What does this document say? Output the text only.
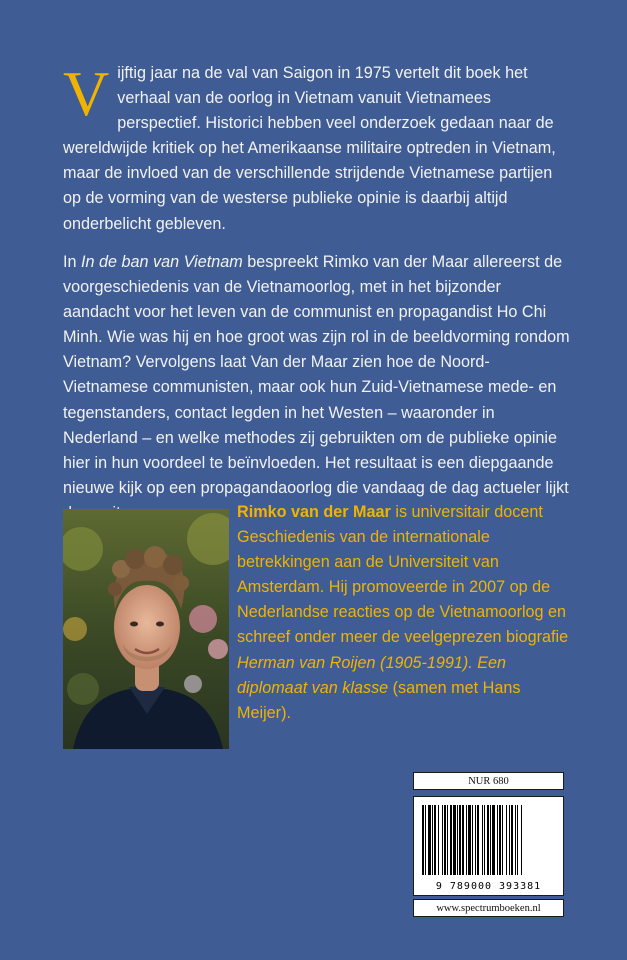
Vijftig jaar na de val van Saigon in 1975 vertelt dit boek het verhaal van de oorlog in Vietnam vanuit Vietnamees perspectief. Historici hebben veel onderzoek gedaan naar de wereldwijde kritiek op het Amerikaanse militaire optreden in Vietnam, maar de invloed van de verschillende strijdende Vietnamese partijen op de vorming van de westerse publieke opinie is daarbij altijd onderbelicht gebleven.

In In de ban van Vietnam bespreekt Rimko van der Maar allereerst de voorgeschiedenis van de Vietnamoorlog, met in het bijzonder aandacht voor het leven van de communist en propagandist Ho Chi Minh. Wie was hij en hoe groot was zijn rol in de beeldvorming rondom Vietnam? Vervolgens laat Van der Maar zien hoe de Noord-Vietnamese communisten, maar ook hun Zuid-Vietnamese mede- en tegenstanders, contact legden in het Westen – waaronder in Nederland – en welke methodes zij gebruikten om de publieke opinie hier in hun voordeel te beïnvloeden. Het resultaat is een diepgaande nieuwe kijk op een propagandaoorlog die vandaag de dag actueler lijkt

Rimko van der Maar is universitair docent Geschiedenis van de internationale betrekkingen aan de Universiteit van Amsterdam. Hij promoveerde in 2007 op de Nederlandse reacties op de Vietnamoorlog en schreef onder meer de veelgeprezen biografie Herman van Roijen (1905-1991). Een diplomaat van klasse (samen met Hans Meijer).

NUR 680
9 789000 393381
www.spectrumboeken.nl
